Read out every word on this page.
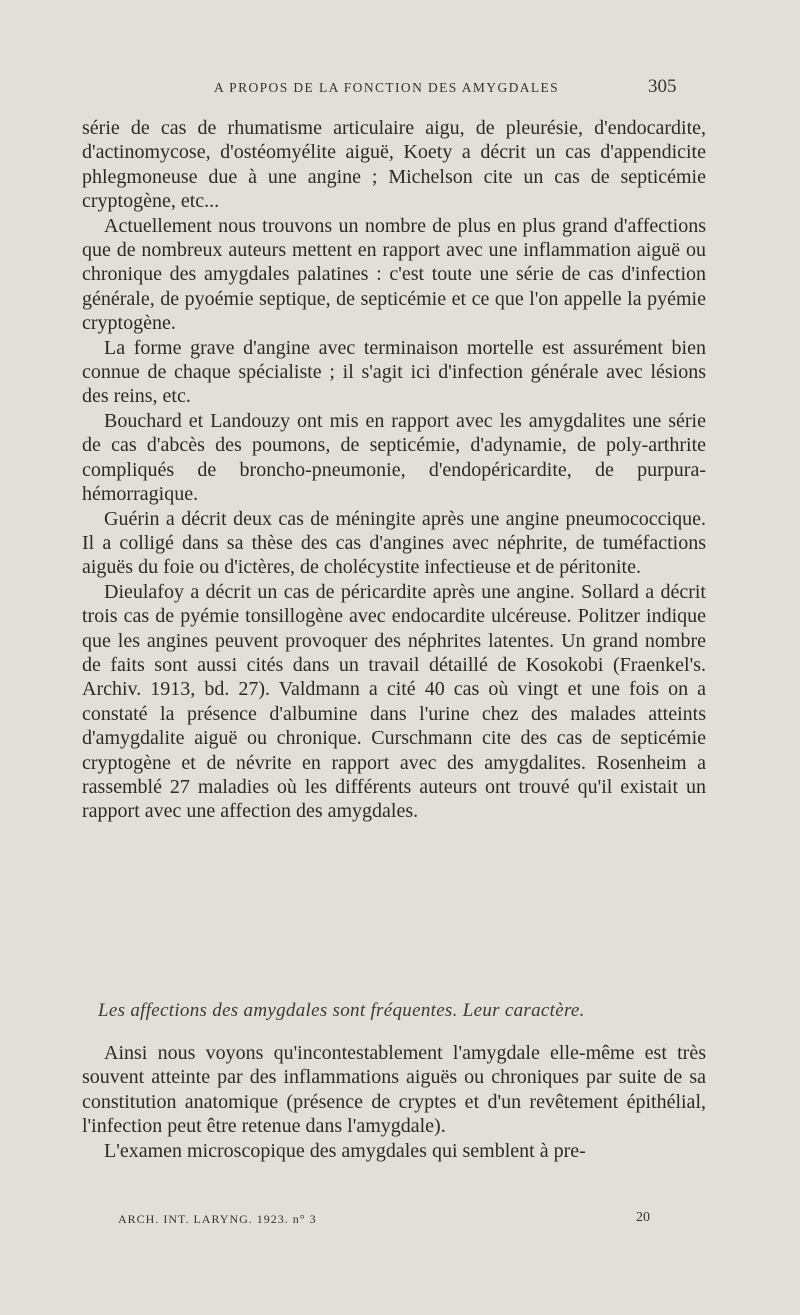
A PROPOS DE LA FONCTION DES AMYGDALES	305

série de cas de rhumatisme articulaire aigu, de pleurésie, d'endocardite, d'actinomycose, d'ostéomyélite aiguë, Koety a décrit un cas d'appendicite phlegmoneuse due à une angine ; Michelson cite un cas de septicémie cryptogène, etc...

Actuellement nous trouvons un nombre de plus en plus grand d'affections que de nombreux auteurs mettent en rapport avec une inflammation aiguë ou chronique des amygdales palatines : c'est toute une série de cas d'infection générale, de pyoémie septique, de septicémie et ce que l'on appelle la pyémie cryptogène.

La forme grave d'angine avec terminaison mortelle est assurément bien connue de chaque spécialiste ; il s'agit ici d'infection générale avec lésions des reins, etc.

Bouchard et Landouzy ont mis en rapport avec les amygdalites une série de cas d'abcès des poumons, de septicémie, d'adynamie, de poly-arthrite compliqués de broncho-pneumonie, d'endopéricardite, de purpura-hémorragique.

Guérin a décrit deux cas de méningite après une angine pneumococcique. Il a colligé dans sa thèse des cas d'angines avec néphrite, de tuméfactions aiguës du foie ou d'ictères, de cholécystite infectieuse et de péritonite.

Dieulafoy a décrit un cas de péricardite après une angine. Sollard a décrit trois cas de pyémie tonsillogène avec endocardite ulcéreuse. Politzer indique que les angines peuvent provoquer des néphrites latentes. Un grand nombre de faits sont aussi cités dans un travail détaillé de Kosokobi (Fraenkel's. Archiv. 1913, bd. 27). Valdmann a cité 40 cas où vingt et une fois on a constaté la présence d'albumine dans l'urine chez des malades atteints d'amygdalite aiguë ou chronique. Curschmann cite des cas de septicémie cryptogène et de névrite en rapport avec des amygdalites. Rosenheim a rassemblé 27 maladies où les différents auteurs ont trouvé qu'il existait un rapport avec une affection des amygdales.

Les affections des amygdales sont fréquentes. Leur caractère.

Ainsi nous voyons qu'incontestablement l'amygdale elle-même est très souvent atteinte par des inflammations aiguës ou chroniques par suite de sa constitution anatomique (présence de cryptes et d'un revêtement épithélial, l'infection peut être retenue dans l'amygdale).

L'examen microscopique des amygdales qui semblent à pre-

ARCH. INT. LARYNG. 1923. n° 3	20
